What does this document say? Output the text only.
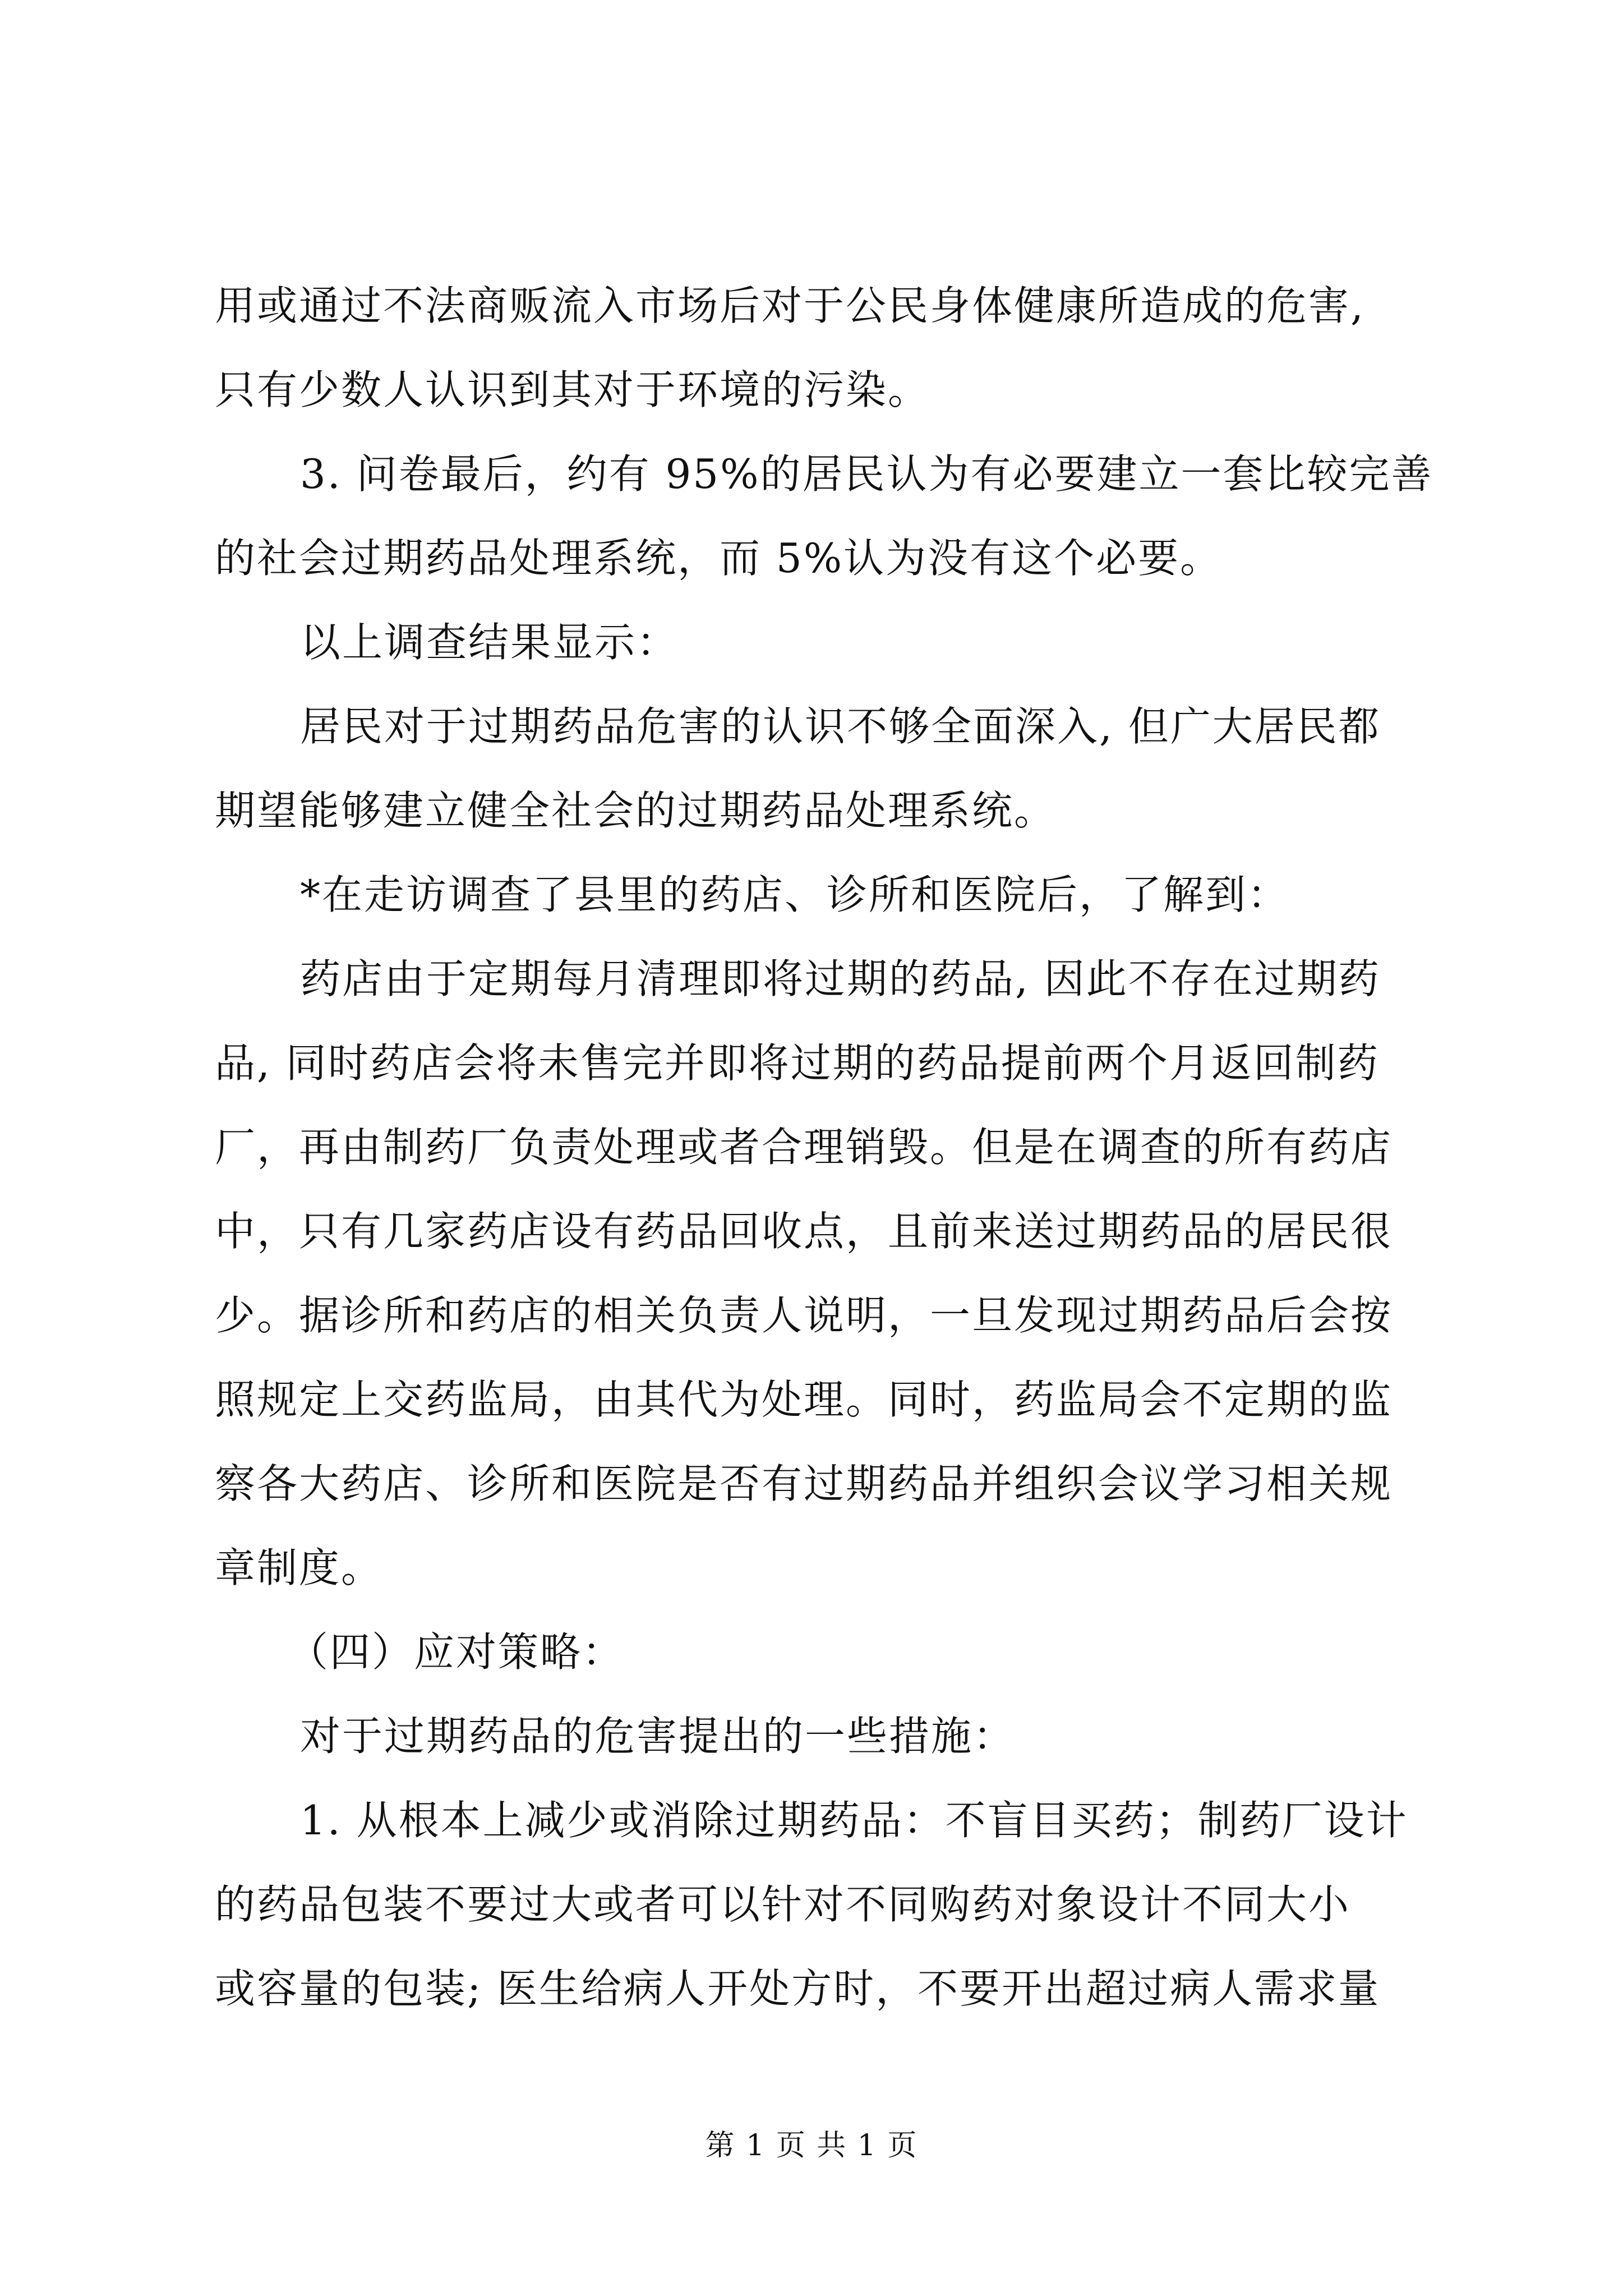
用或通过不法商贩流入市场后对于公民身体健康所造成的危害,
只有少数人认识到其对于环境的污染。
3. 问卷最后，约有 95%的居民认为有必要建立一套比较完善
的社会过期药品处理系统，而 5%认为没有这个必要。
以上调查结果显示：
居民对于过期药品危害的认识不够全面深入, 但广大居民都
期望能够建立健全社会的过期药品处理系统。
*在走访调查了县里的药店、诊所和医院后，了解到：
药店由于定期每月清理即将过期的药品, 因此不存在过期药
品, 同时药店会将未售完并即将过期的药品提前两个月返回制药
厂，再由制药厂负责处理或者合理销毁。但是在调查的所有药店
中，只有几家药店设有药品回收点，且前来送过期药品的居民很
少。据诊所和药店的相关负责人说明，一旦发现过期药品后会按
照规定上交药监局，由其代为处理。同时，药监局会不定期的监
察各大药店、诊所和医院是否有过期药品并组织会议学习相关规
章制度。
（四）应对策略：
对于过期药品的危害提出的一些措施：
1. 从根本上减少或消除过期药品：不盲目买药；制药厂设计
的药品包装不要过大或者可以针对不同购药对象设计不同大小
或容量的包装; 医生给病人开处方时，不要开出超过病人需求量
第 1 页 共 1 页
